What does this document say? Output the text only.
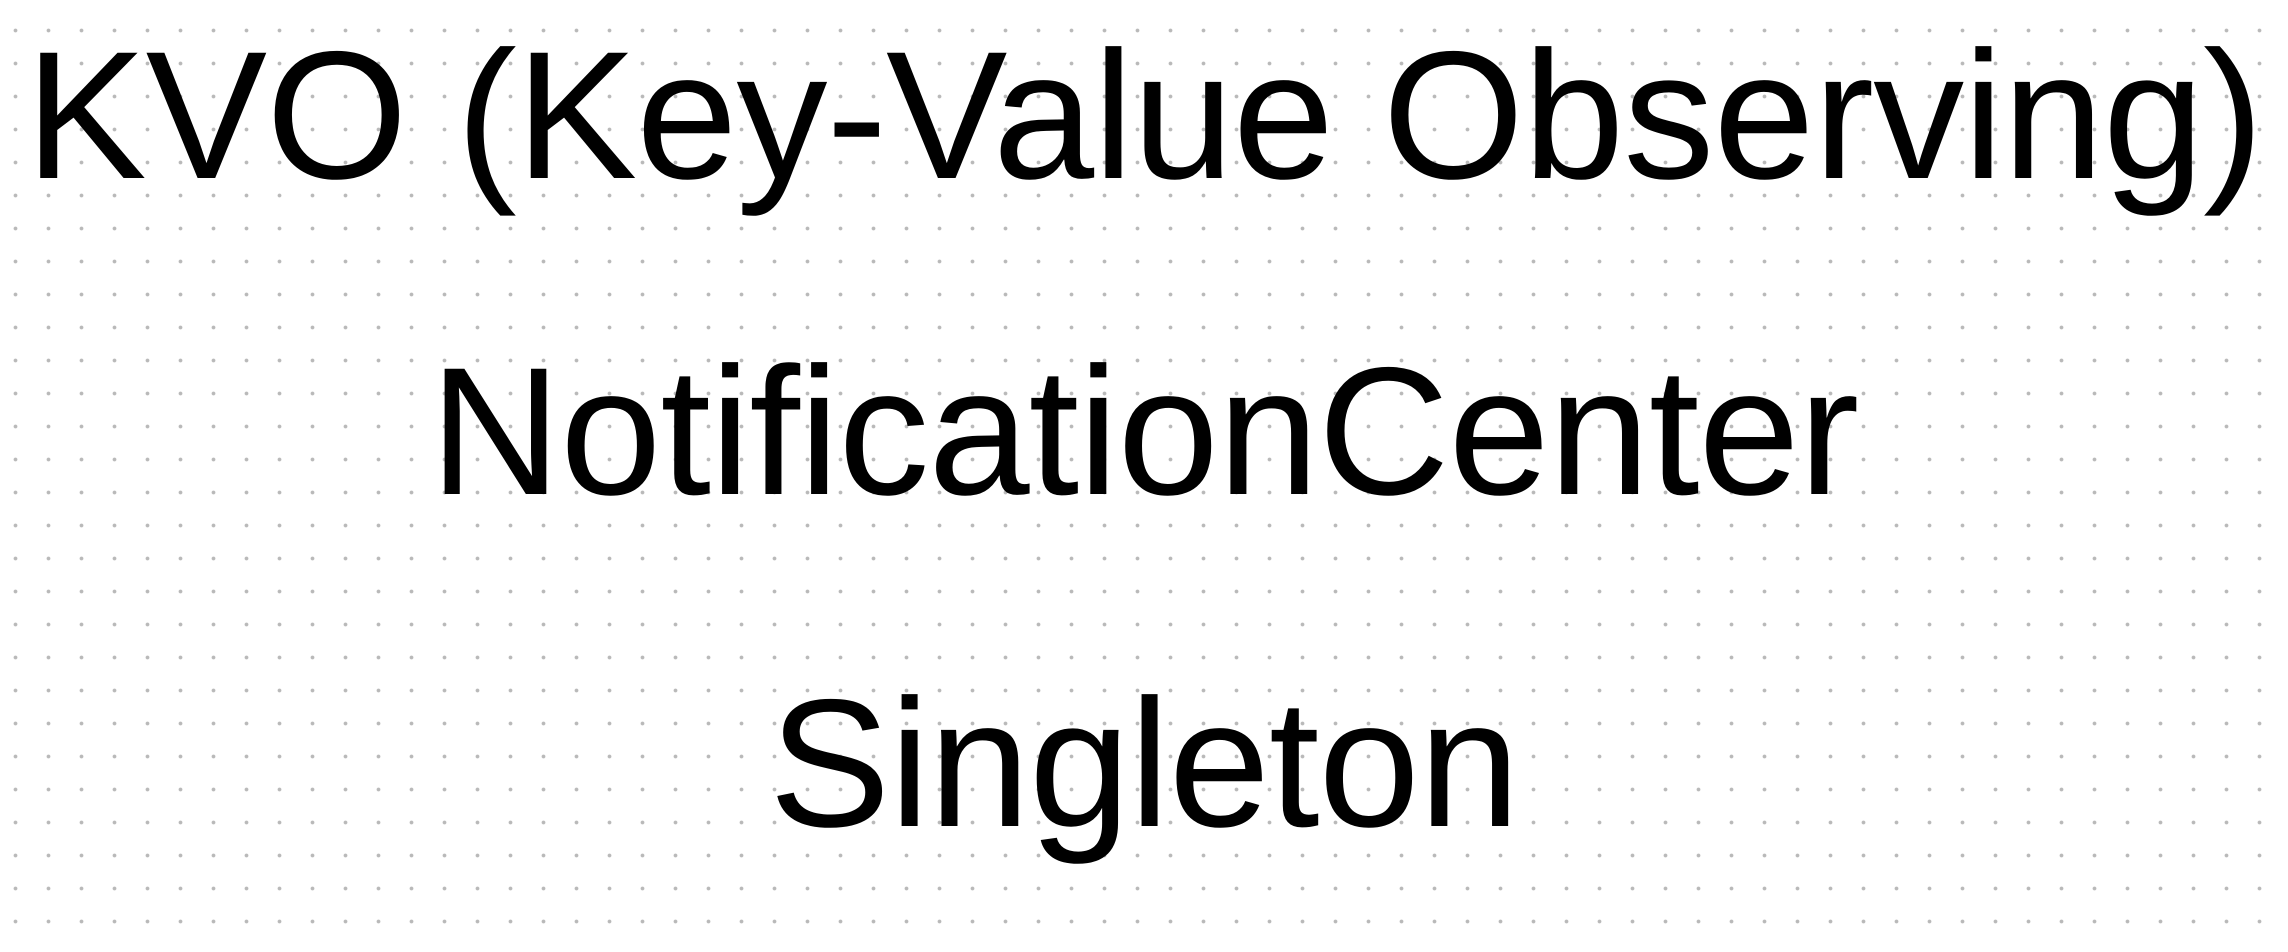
KVO (Key-Value Observing)
NotificationCenter
Singleton
